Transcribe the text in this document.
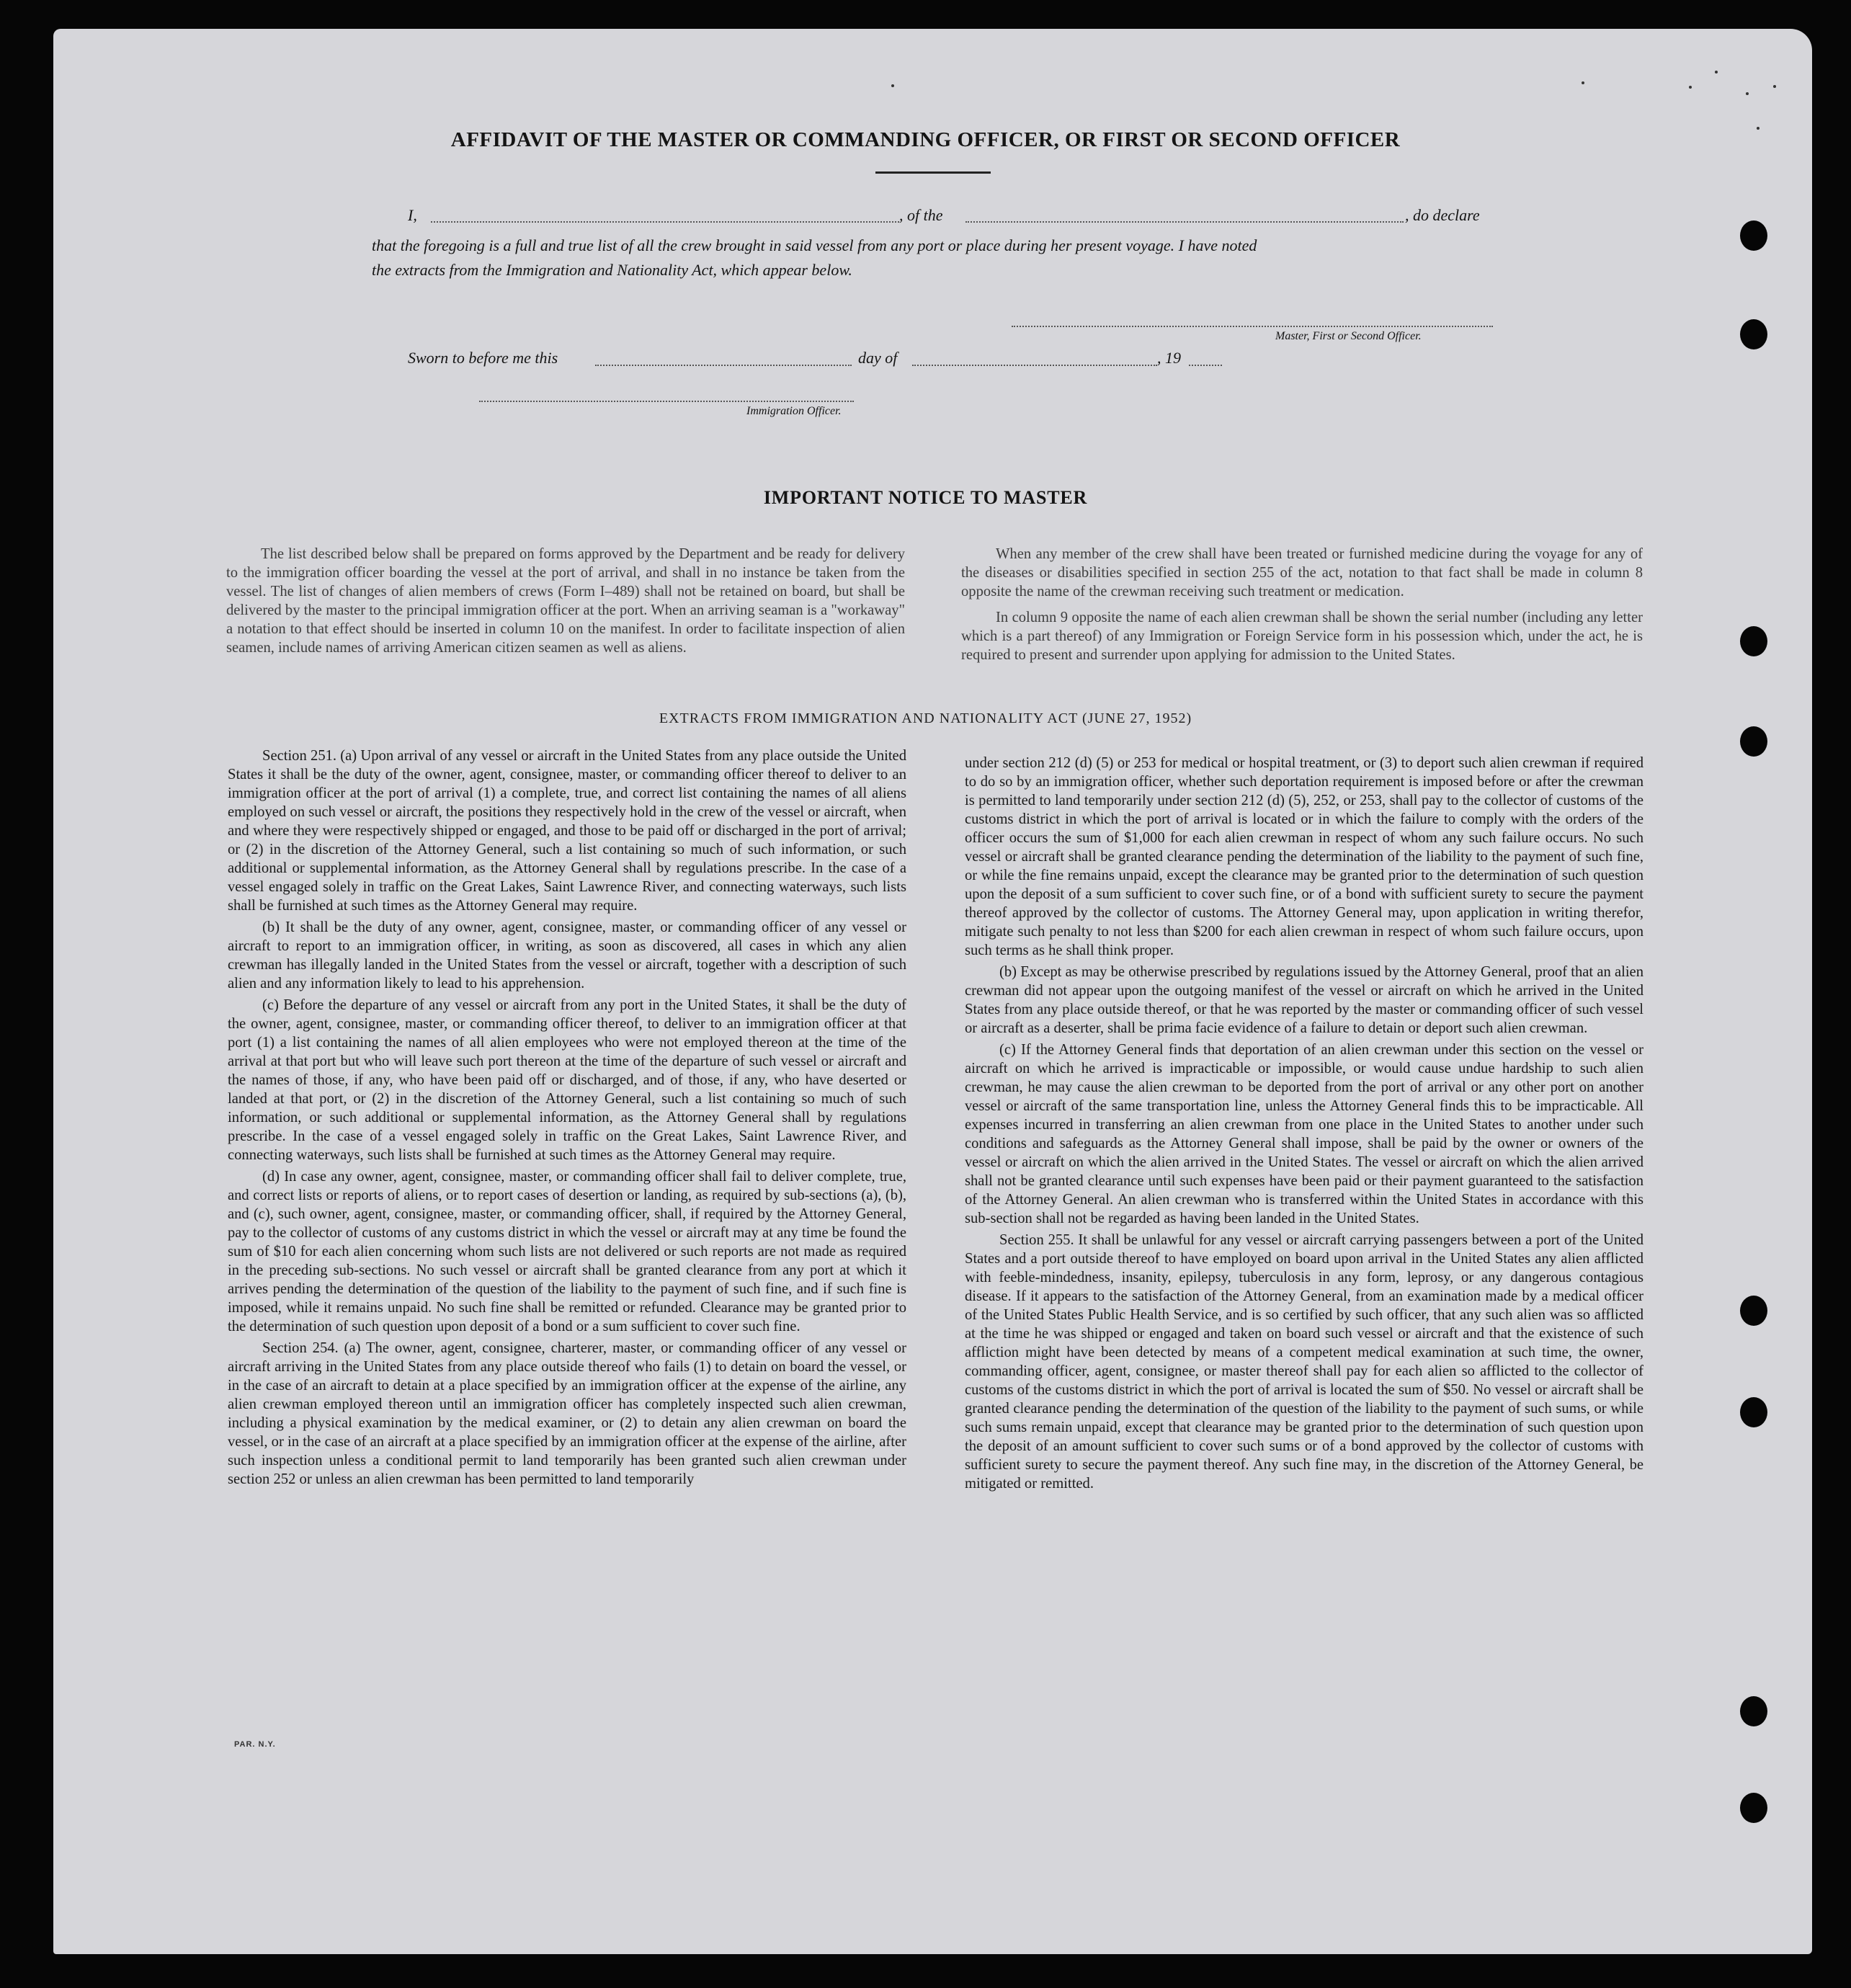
AFFIDAVIT OF THE MASTER OR COMMANDING OFFICER, OR FIRST OR SECOND OFFICER
I,	, of the	, do declare
that the foregoing is a full and true list of all the crew brought in said vessel from any port or place during her present voyage. I have noted
the extracts from the Immigration and Nationality Act, which appear below.
Master, First or Second Officer.
Sworn to before me this	day of	, 19
Immigration Officer.
IMPORTANT NOTICE TO MASTER

The list described below shall be prepared on forms approved by the Department and be ready for delivery to the immigration officer boarding the vessel at the port of arrival, and shall in no instance be taken from the vessel. The list of changes of alien members of crews (Form I–489) shall not be retained on board, but shall be delivered by the master to the principal immigration officer at the port. When an arriving seaman is a "workaway" a notation to that effect should be inserted in column 10 on the manifest. In order to facilitate inspection of alien seamen, include names of arriving American citizen seamen as well as aliens.

When any member of the crew shall have been treated or furnished medicine during the voyage for any of the diseases or disabilities specified in section 255 of the act, notation to that fact shall be made in column 8 opposite the name of the crewman receiving such treatment or medication.

In column 9 opposite the name of each alien crewman shall be shown the serial number (including any letter which is a part thereof) of any Immigration or Foreign Service form in his possession which, under the act, he is required to present and surrender upon applying for admission to the United States.

EXTRACTS FROM IMMIGRATION AND NATIONALITY ACT (JUNE 27, 1952)

Section 251. (a) Upon arrival of any vessel or aircraft in the United States from any place outside the United States it shall be the duty of the owner, agent, consignee, master, or commanding officer thereof to deliver to an immigration officer at the port of arrival (1) a complete, true, and correct list containing the names of all aliens employed on such vessel or aircraft, the positions they respectively hold in the crew of the vessel or aircraft, when and where they were respectively shipped or engaged, and those to be paid off or discharged in the port of arrival; or (2) in the discretion of the Attorney General, such a list containing so much of such information, or such additional or supplemental information, as the Attorney General shall by regulations prescribe. In the case of a vessel engaged solely in traffic on the Great Lakes, Saint Lawrence River, and connecting waterways, such lists shall be furnished at such times as the Attorney General may require.

(b) It shall be the duty of any owner, agent, consignee, master, or commanding officer of any vessel or aircraft to report to an immigration officer, in writing, as soon as discovered, all cases in which any alien crewman has illegally landed in the United States from the vessel or aircraft, together with a description of such alien and any information likely to lead to his apprehension.

(c) Before the departure of any vessel or aircraft from any port in the United States, it shall be the duty of the owner, agent, consignee, master, or commanding officer thereof, to deliver to an immigration officer at that port (1) a list containing the names of all alien employees who were not employed thereon at the time of the arrival at that port but who will leave such port thereon at the time of the departure of such vessel or aircraft and the names of those, if any, who have been paid off or discharged, and of those, if any, who have deserted or landed at that port, or (2) in the discretion of the Attorney General, such a list containing so much of such information, or such additional or supplemental information, as the Attorney General shall by regulations prescribe. In the case of a vessel engaged solely in traffic on the Great Lakes, Saint Lawrence River, and connecting waterways, such lists shall be furnished at such times as the Attorney General may require.

(d) In case any owner, agent, consignee, master, or commanding officer shall fail to deliver complete, true, and correct lists or reports of aliens, or to report cases of desertion or landing, as required by sub-sections (a), (b), and (c), such owner, agent, consignee, master, or commanding officer, shall, if required by the Attorney General, pay to the collector of customs of any customs district in which the vessel or aircraft may at any time be found the sum of $10 for each alien concerning whom such lists are not delivered or such reports are not made as required in the preceding sub-sections. No such vessel or aircraft shall be granted clearance from any port at which it arrives pending the determination of the question of the liability to the payment of such fine, and if such fine is imposed, while it remains unpaid. No such fine shall be remitted or refunded. Clearance may be granted prior to the determination of such question upon deposit of a bond or a sum sufficient to cover such fine.

Section 254. (a) The owner, agent, consignee, charterer, master, or commanding officer of any vessel or aircraft arriving in the United States from any place outside thereof who fails (1) to detain on board the vessel, or in the case of an aircraft to detain at a place specified by an immigration officer at the expense of the airline, any alien crewman employed thereon until an immigration officer has completely inspected such alien crewman, including a physical examination by the medical examiner, or (2) to detain any alien crewman on board the vessel, or in the case of an aircraft at a place specified by an immigration officer at the expense of the airline, after such inspection unless a conditional permit to land temporarily has been granted such alien crewman under section 252 or unless an alien crewman has been permitted to land temporarily

under section 212 (d) (5) or 253 for medical or hospital treatment, or (3) to deport such alien crewman if required to do so by an immigration officer, whether such deportation requirement is imposed before or after the crewman is permitted to land temporarily under section 212 (d) (5), 252, or 253, shall pay to the collector of customs of the customs district in which the port of arrival is located or in which the failure to comply with the orders of the officer occurs the sum of $1,000 for each alien crewman in respect of whom any such failure occurs. No such vessel or aircraft shall be granted clearance pending the determination of the liability to the payment of such fine, or while the fine remains unpaid, except the clearance may be granted prior to the determination of such question upon the deposit of a sum sufficient to cover such fine, or of a bond with sufficient surety to secure the payment thereof approved by the collector of customs. The Attorney General may, upon application in writing therefor, mitigate such penalty to not less than $200 for each alien crewman in respect of whom such failure occurs, upon such terms as he shall think proper.

(b) Except as may be otherwise prescribed by regulations issued by the Attorney General, proof that an alien crewman did not appear upon the outgoing manifest of the vessel or aircraft on which he arrived in the United States from any place outside thereof, or that he was reported by the master or commanding officer of such vessel or aircraft as a deserter, shall be prima facie evidence of a failure to detain or deport such alien crewman.

(c) If the Attorney General finds that deportation of an alien crewman under this section on the vessel or aircraft on which he arrived is impracticable or impossible, or would cause undue hardship to such alien crewman, he may cause the alien crewman to be deported from the port of arrival or any other port on another vessel or aircraft of the same transportation line, unless the Attorney General finds this to be impracticable. All expenses incurred in transferring an alien crewman from one place in the United States to another under such conditions and safeguards as the Attorney General shall impose, shall be paid by the owner or owners of the vessel or aircraft on which the alien arrived in the United States. The vessel or aircraft on which the alien arrived shall not be granted clearance until such expenses have been paid or their payment guaranteed to the satisfaction of the Attorney General. An alien crewman who is transferred within the United States in accordance with this sub-section shall not be regarded as having been landed in the United States.

Section 255. It shall be unlawful for any vessel or aircraft carrying passengers between a port of the United States and a port outside thereof to have employed on board upon arrival in the United States any alien afflicted with feeble-mindedness, insanity, epilepsy, tuberculosis in any form, leprosy, or any dangerous contagious disease. If it appears to the satisfaction of the Attorney General, from an examination made by a medical officer of the United States Public Health Service, and is so certified by such officer, that any such alien was so afflicted at the time he was shipped or engaged and taken on board such vessel or aircraft and that the existence of such affliction might have been detected by means of a competent medical examination at such time, the owner, commanding officer, agent, consignee, or master thereof shall pay for each alien so afflicted to the collector of customs of the customs district in which the port of arrival is located the sum of $50. No vessel or aircraft shall be granted clearance pending the determination of the question of the liability to the payment of such sums, or while such sums remain unpaid, except that clearance may be granted prior to the determination of such question upon the deposit of an amount sufficient to cover such sums or of a bond approved by the collector of customs with sufficient surety to secure the payment thereof. Any such fine may, in the discretion of the Attorney General, be mitigated or remitted.

PAR. N.Y.
